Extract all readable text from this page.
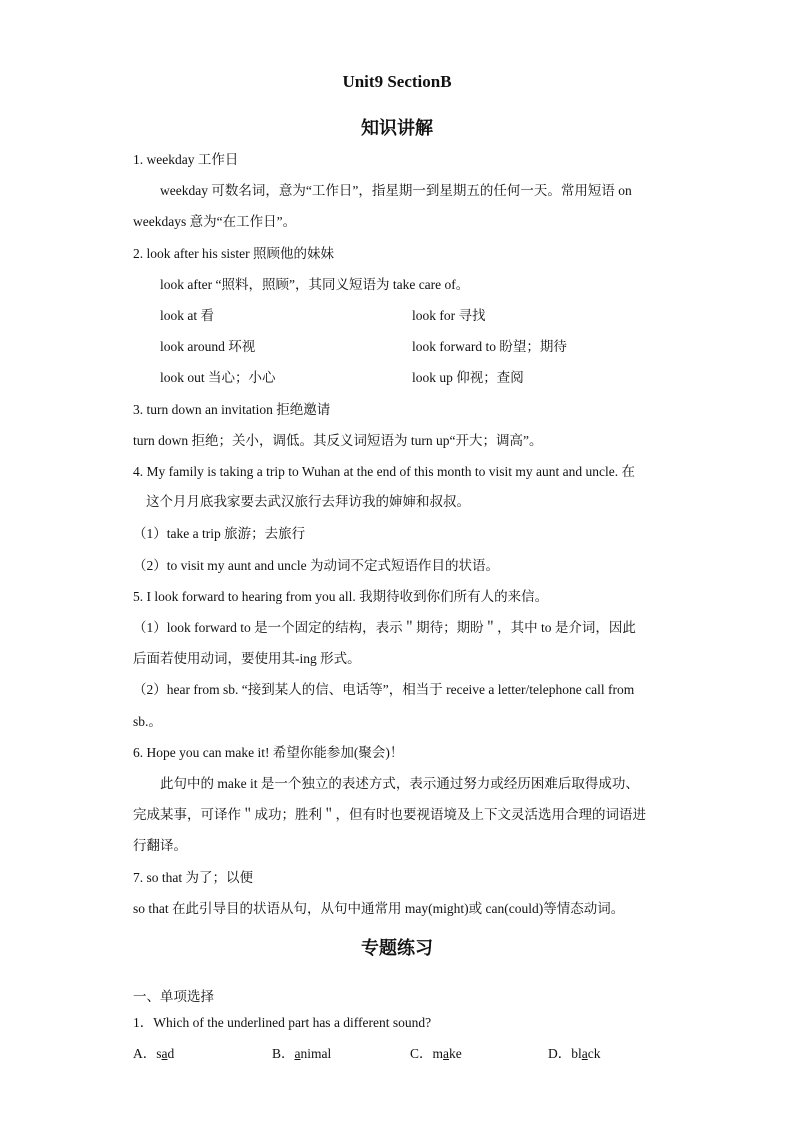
Unit9 SectionB
知识讲解
1. weekday 工作日
weekday 可数名词，意为“工作日”，指星期一到星期五的任何一天。常用短语 on
weekdays 意为“在工作日”。
2. look after his sister 照顾他的妹妹
look after “照料，照顾”，其同义短语为 take care of。
look at 看	look for 寻找
look around 环视	look forward to 盼望；期待
look out 当心；小心	look up 仰视；查阅
3. turn down an invitation 拒绝邀请
turn down 拒绝；关小，调低。其反义词短语为 turn up“开大；调高”。
4. My family is taking a trip to Wuhan at the end of this month to visit my aunt and uncle. 在
这个月月底我家要去武汉旅行去拜访我的婶婶和叔叔。
（1）take a trip 旅游；去旅行
（2）to visit my aunt and uncle 为动词不定式短语作目的状语。
5. I look forward to hearing from you all. 我期待收到你们所有人的来信。
（1）look forward to 是一个固定的结构，表示＂期待；期盼＂，其中 to 是介词，因此
后面若使用动词，要使用其-ing 形式。
（2）hear from sb. “接到某人的信、电话等”，相当于 receive a letter/telephone call from
sb.。
6. Hope you can make it! 希望你能参加(聚会)！
此句中的 make it 是一个独立的表述方式，表示通过努力或经历困难后取得成功、
完成某事，可译作＂成功；胜利＂，但有时也要视语境及上下文灵活选用合理的词语进
行翻译。
7. so that 为了；以便
so that 在此引导目的状语从句，从句中通常用 may(might)或 can(could)等情态动词。
专题练习
一、单项选择
1．Which of the underlined part has a different sound?
A．sad	B．animal	C．make	D．black
